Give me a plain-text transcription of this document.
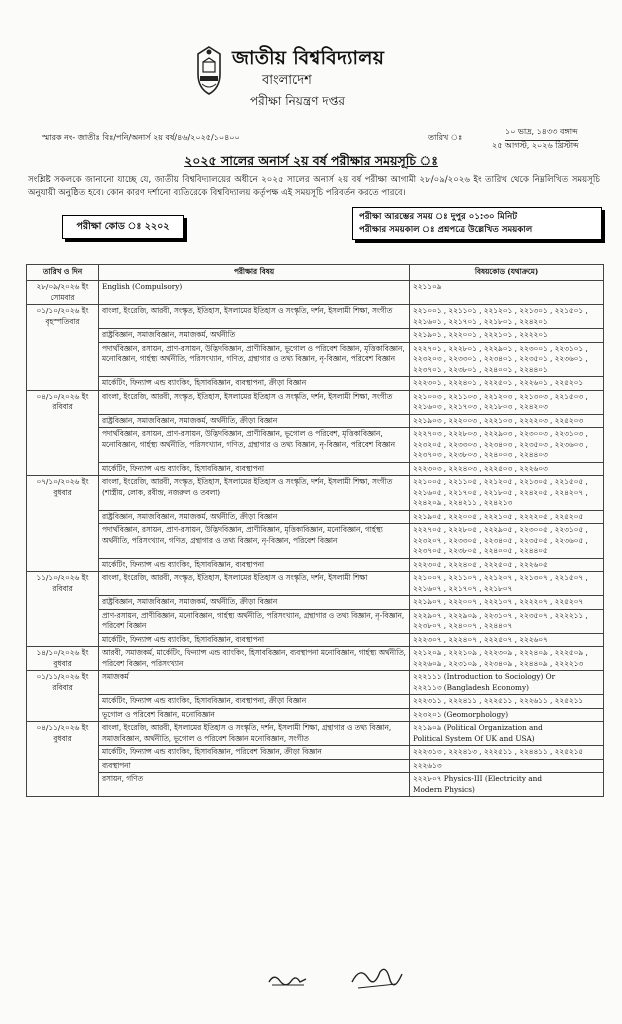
জাতীয় বিশ্ববিদ্যালয়
বাংলাদেশ
পরীক্ষা নিয়ন্ত্রণ দপ্তর
স্মারক নং- জাতীঃ বিঃ/পনি/অনার্স ২য় বর্ষ/৪৬/২০২৫/১০৪০০	তারিখ ঃ
১০ ভাদ্র, ১৪৩৩ বঙ্গাব্দ
২৫ আগস্ট, ২০২৬ খ্রিস্টাব্দ
২০২৫ সালের অনার্স ২য় বর্ষ পরীক্ষার সময়সূচি ঃ
সংশ্লিষ্ট সকলকে জানানো যাচ্ছে যে, জাতীয় বিশ্ববিদ্যালয়ের অধীনে ২০২৫ সালের অনার্স ২য় বর্ষ পরীক্ষা আগামী ২৮/০৯/২০২৬ ইং তারিখ থেকে নিম্নলিখিত সময়সূচি অনুযায়ী অনুষ্ঠিত হবে। কোন কারণ দর্শানো ব্যতিরেকে বিশ্ববিদ্যালয় কর্তৃপক্ষ এই সময়সূচি পরিবর্তন করতে পারবে।
পরীক্ষা কোড ঃ ২২০২
পরীক্ষা আরম্ভের সময় ঃ দুপুর ০১:৩০ মিনিট
পরীক্ষার সময়কাল ঃ প্রশ্নপত্রে উল্লেখিত সময়কাল
তারিখ ও দিন	পরীক্ষার বিষয়	বিষয়কোড (যথাক্রমে)
২৮/০৯/২০২৬ ইং
সোমবার	English (Compulsory)	২২১১০৯
০১/১০/২০২৬ ইং
বৃহস্পতিবার	বাংলা, ইংরেজি, আরবী, সংস্কৃত, ইতিহাস, ইসলামের ইতিহাস ও সংস্কৃতি, দর্শন, ইসলামী শিক্ষা, সংগীত	২২১০০১ , ২২১১০১ , ২২১২০১ , ২২১৩০১ , ২২১৫০১ , ২২১৬০১ , ২২১৭০১ , ২২১৮০১ , ২২৪২০১
	রাষ্ট্রবিজ্ঞান, সমাজবিজ্ঞান, সমাজকর্ম, অর্থনীতি	২২১৯০১ , ২২২০০১ , ২২২১০১ , ২২২২০১
	পদার্থবিজ্ঞান, রসায়ন, প্রাণ-রসায়ন, উদ্ভিদবিজ্ঞান, প্রাণীবিজ্ঞান, ভূগোল ও পরিবেশ বিজ্ঞান, মৃত্তিকাবিজ্ঞান, মনোবিজ্ঞান, গার্হস্থ্য অর্থনীতি, পরিসংখ্যান, গণিত, গ্রন্থাগার ও তথ্য বিজ্ঞান, নৃ-বিজ্ঞান, পরিবেশ বিজ্ঞান	২২২৭০১ , ২২২৮০১ , ২২২৯০১ , ২২৩০০১ , ২২৩১০১ , ২২৩২০৩ , ২২৩৩০১ , ২২৩৪০১ , ২২৩৫০১ , ২২৩৬০১ , ২২৩৭০১ , ২২৩৮০১ , ২২৪০০১ , ২২৪৪০১
	মার্কেটিং, ফিন্যান্স এন্ড ব্যাংকিং, হিসাববিজ্ঞান, ব্যবস্থাপনা, ক্রীড়া বিজ্ঞান	২২২৩০১ , ২২২৪০১ , ২২২৫০১ , ২২২৬০১ , ২২৫২০১
০৪/১০/২০২৬ ইং
রবিবার	বাংলা, ইংরেজি, আরবী, সংস্কৃত, ইতিহাস, ইসলামের ইতিহাস ও সংস্কৃতি, দর্শন, ইসলামী শিক্ষা, সংগীত	২২১০০৩ , ২২১১০৩ , ২২১২০৩ , ২২১৩০৩ , ২২১৫০৩ , ২২১৬০৩ , ২২১৭০৩ , ২২১৮০৩ , ২২৪২০৩
	রাষ্ট্রবিজ্ঞান, সমাজবিজ্ঞান, সমাজকর্ম, অর্থনীতি, ক্রীড়া বিজ্ঞান	২২১৯০৩ , ২২২০০৩ , ২২২১০৩ , ২২২২০৩ , ২২৫২০৩
	পদার্থবিজ্ঞান, রসায়ন, প্রাণ-রসায়ন, উদ্ভিদবিজ্ঞান, প্রাণীবিজ্ঞান, ভূগোল ও পরিবেশ, মৃত্তিকাবিজ্ঞান, মনোবিজ্ঞান, গার্হস্থ্য অর্থনীতি, পরিসংখ্যান, গণিত, গ্রন্থাগার ও তথ্য বিজ্ঞান, নৃ-বিজ্ঞান, পরিবেশ বিজ্ঞান	২২২৭০৩ , ২২২৮০৩ , ২২২৯০৩ , ২২৩০০৩ , ২২৩১০৩ , ২২৩২০৫ , ২২৩৩০৩ , ২২৩৪০৩ , ২২৩৫০৩ , ২২৩৬০৩ , ২২৩৭০৩ , ২২৩৮০৩ , ২২৪০০৩ , ২২৪৪০৩
	মার্কেটিং, ফিন্যান্স এন্ড ব্যাংকিং, হিসাববিজ্ঞান, ব্যবস্থাপনা	২২২৩০৩ , ২২২৪০৩ , ২২২৫০৩ , ২২২৬০৩
০৭/১০/২০২৬ ইং
বুধবার	বাংলা, ইংরেজি, আরবী, সংস্কৃত, ইতিহাস, ইসলামের ইতিহাস ও সংস্কৃতি, দর্শন, ইসলামী শিক্ষা, সংগীত (শাস্ত্রীয়, লোক, রবীন্দ্র, নজরুল ও তবলা)	২২১০০৫ , ২২১১০৫ , ২২১২০৫ , ২২১৩০৫ , ২২১৫০৫ , ২২১৬০৫ , ২২১৭০৫ , ২২১৮০৫ , ২২৪২০৫ , ২২৪২০৭ , ২২৪২০৯ , ২২৪২১১ , ২২৪২১৩
	রাষ্ট্রবিজ্ঞান, সমাজবিজ্ঞান, সমাজকর্ম, অর্থনীতি, ক্রীড়া বিজ্ঞান	২২১৯০৫ , ২২২০০৫ , ২২২১০৫ , ২২২২০৫ , ২২৫২০৫
	পদার্থবিজ্ঞান, রসায়ন, প্রাণ-রসায়ন, উদ্ভিদবিজ্ঞান, প্রাণীবিজ্ঞান, মৃত্তিকাবিজ্ঞান, মনোবিজ্ঞান, গার্হস্থ্য অর্থনীতি, পরিসংখ্যান, গণিত, গ্রন্থাগার ও তথ্য বিজ্ঞান, নৃ-বিজ্ঞান, পরিবেশ বিজ্ঞান	২২২৭০৫ , ২২২৮০৫ , ২২২৯০৫ , ২২৩০০৫ , ২২৩১০৫ , ২২৩২০৭ , ২২৩৩০৫ , ২২৩৪০৫ , ২২৩৫০৫ , ২২৩৬০৫ , ২২৩৭০৫ , ২২৩৮০৫ , ২২৪০০৫ , ২২৪৪০৫
	মার্কেটিং, ফিন্যান্স এন্ড ব্যাংকিং, হিসাববিজ্ঞান, ব্যবস্থাপনা	২২২৩০৫ , ২২২৪০৫ , ২২২৫০৫ , ২২২৬০৫
১১/১০/২০২৬ ইং
রবিবার	বাংলা, ইংরেজি, আরবী, সংস্কৃত, ইতিহাস, ইসলামের ইতিহাস ও সংস্কৃতি, দর্শন, ইসলামী শিক্ষা	২২১০০৭ , ২২১১০৭ , ২২১২০৭ , ২২১৩০৭ , ২২১৫০৭ , ২২১৬০৭ , ২২১৭০৭ , ২২১৮০৭
	রাষ্ট্রবিজ্ঞান, সমাজবিজ্ঞান, সমাজকর্ম, অর্থনীতি, ক্রীড়া বিজ্ঞান	২২১৯০৭ , ২২২০০৭ , ২২২১০৭ , ২২২২০৭ , ২২৫২০৭
	প্রাণ-রসায়ন, প্রাণীবিজ্ঞান, মনোবিজ্ঞান, গার্হস্থ্য অর্থনীতি, পরিসংখ্যান, গ্রন্থাগার ও তথ্য বিজ্ঞান, নৃ-বিজ্ঞান, পরিবেশ বিজ্ঞান	২২২৯০৭ , ২২২৯০৯ , ২২৩১০৭ , ২২৩৫০৭ , ২২২২১১ , ২২৩৮০৭ , ২২৪০০৭ , ২২৪৪০৭
	মার্কেটিং, ফিন্যান্স এন্ড ব্যাংকিং, হিসাববিজ্ঞান, ব্যবস্থাপনা	২২২৩০৭ , ২২২৪০৭ , ২২২৫০৭ , ২২২৬০৭
১৪/১০/২০২৬ ইং
বুধবার	আরবী, সমাজকর্ম, মার্কেটিং, ফিন্যান্স এন্ড ব্যাংকিং, হিসাববিজ্ঞান, ব্যবস্থাপনা মনোবিজ্ঞান, গার্হস্থ্য অর্থনীতি, পরিবেশ বিজ্ঞান, পরিসংখ্যান	২২১২০৯ , ২২২১০৯ , ২২২৩০৯ , ২২২৪০৯ , ২২২৫০৯ , ২২২৬০৯ , ২২৩১০৯ , ২২৩৪০৯ , ২২৪৪০৯ , ২২২২১৩
০১/১১/২০২৬ ইং
রবিবার	সমাজকর্ম	২২২১১১ (Introduction to Sociology) Or
২২২১১৩ (Bangladesh Economy)
	মার্কেটিং, ফিন্যান্স এন্ড ব্যাংকিং, হিসাববিজ্ঞান, ব্যবস্থাপনা, ক্রীড়া বিজ্ঞান	২২২৩১১ , ২২২৪১১ , ২২২৫১১ , ২২২৬১১ , ২২৫২১১
	ভূগোল ও পরিবেশ বিজ্ঞান, মনোবিজ্ঞান	২২৩২০১ (Geomorphology)
০৪/১১/২০২৬ ইং
বুধবার	বাংলা, ইংরেজি, আরবী, ইসলামের ইতিহাস ও সংস্কৃতি, দর্শন, ইসলামী শিক্ষা, গ্রন্থাগার ও তথ্য বিজ্ঞান, সমাজবিজ্ঞান, অর্থনীতি, ভূগোল ও পরিবেশ বিজ্ঞান মনোবিজ্ঞান, সংগীত	২২১৯০৯ (Political Organization and
Political System Of UK and USA)
	মার্কেটিং, ফিন্যান্স এন্ড ব্যাংকিং, হিসাববিজ্ঞান, পরিবেশ বিজ্ঞান, ক্রীড়া বিজ্ঞান	২২২৩১৩ , ২২২৪১৩ , ২২২৫১১ , ২২৪৪১১ , ২২৫২১৫
	ব্যবস্থাপনা	২২২৬১৩
	রসায়ন, গণিত	২২২৮০৭ Physics-III (Electricity and
Modern Physics)
